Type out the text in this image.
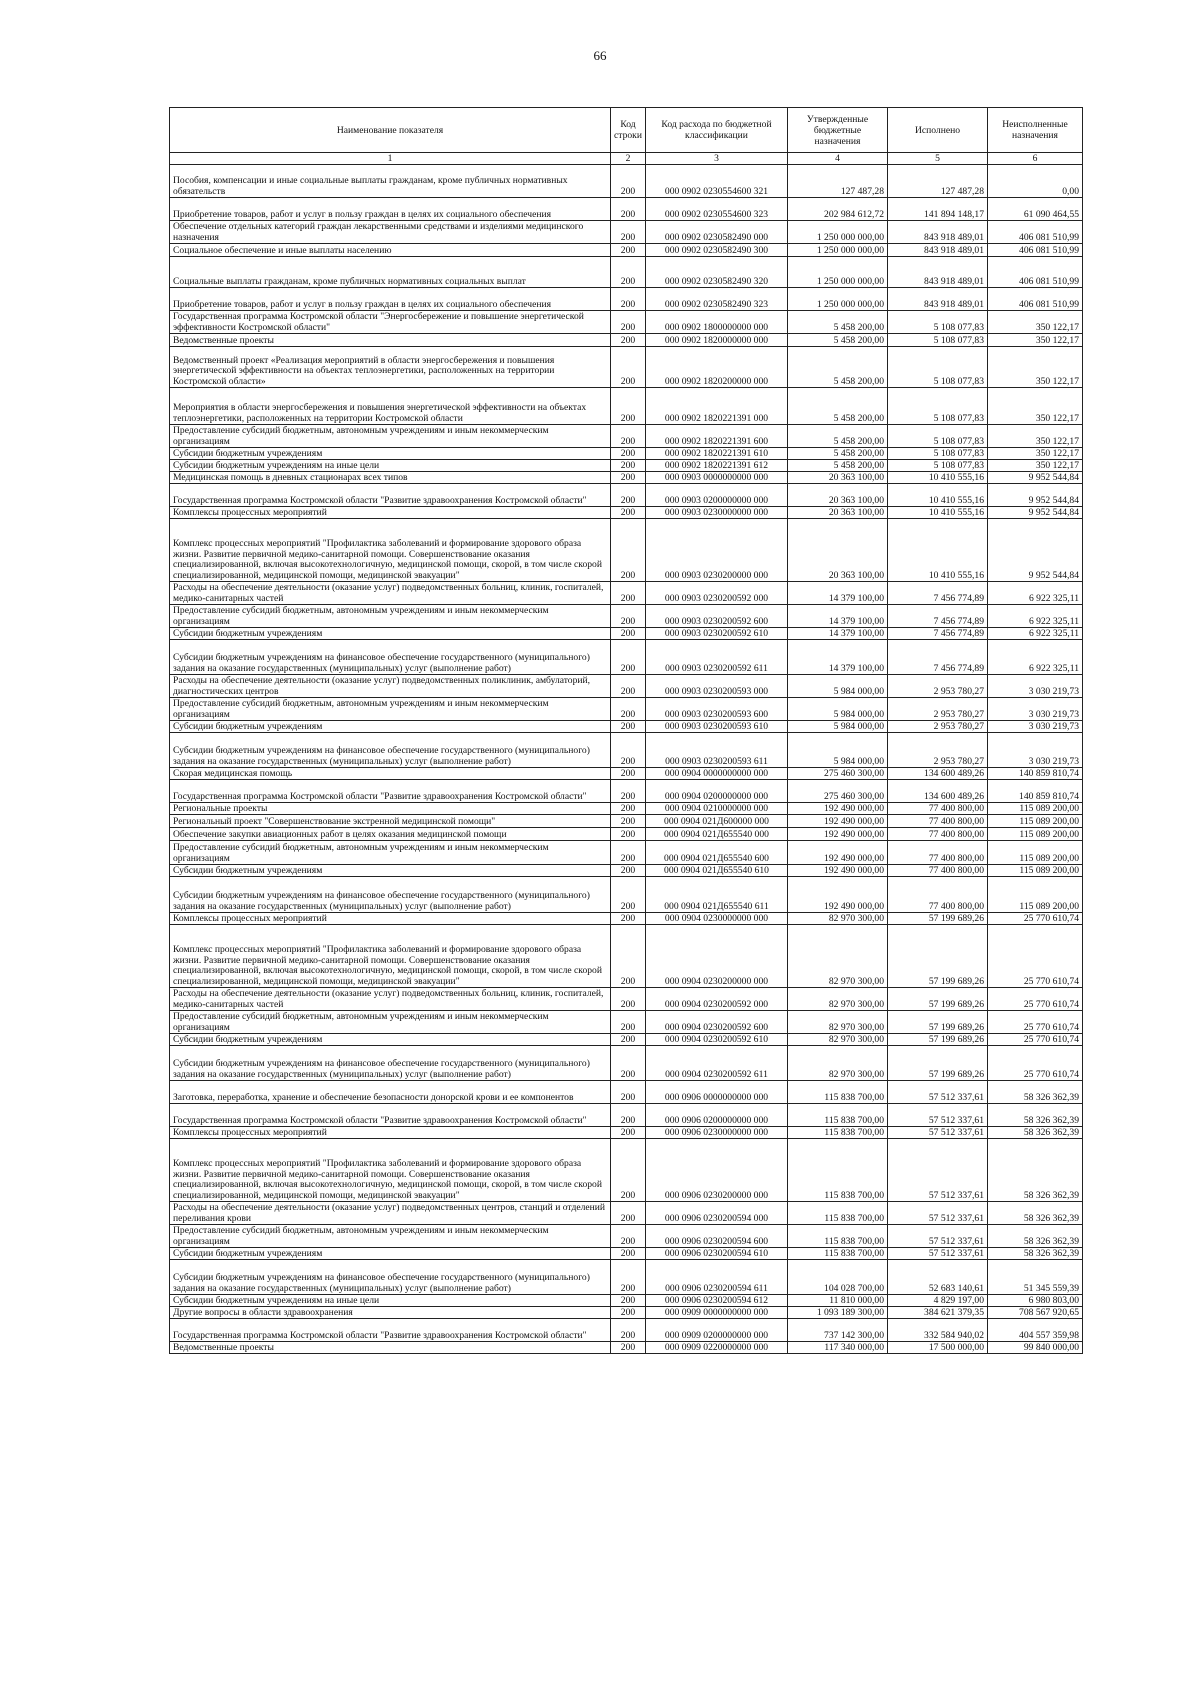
66
Наименование показателя	Код строки	Код расхода по бюджетной классификации	Утвержденные бюджетные назначения	Исполнено	Неисполненные назначения
1	2	3	4	5	6
Пособия, компенсации и иные социальные выплаты гражданам, кроме публичных нормативных обязательств	200	000 0902 0230554600 321	127 487,28	127 487,28	0,00
Приобретение товаров, работ и услуг в пользу граждан в целях их социального обеспечения	200	000 0902 0230554600 323	202 984 612,72	141 894 148,17	61 090 464,55
Обеспечение отдельных категорий граждан лекарственными средствами и изделиями медицинского назначения	200	000 0902 0230582490 000	1 250 000 000,00	843 918 489,01	406 081 510,99
Социальное обеспечение и иные выплаты населению	200	000 0902 0230582490 300	1 250 000 000,00	843 918 489,01	406 081 510,99
Социальные выплаты гражданам, кроме публичных нормативных социальных выплат	200	000 0902 0230582490 320	1 250 000 000,00	843 918 489,01	406 081 510,99
Приобретение товаров, работ и услуг в пользу граждан в целях их социального обеспечения	200	000 0902 0230582490 323	1 250 000 000,00	843 918 489,01	406 081 510,99
Государственная программа Костромской области "Энергосбережение и повышение энергетической эффективности Костромской области"	200	000 0902 1800000000 000	5 458 200,00	5 108 077,83	350 122,17
Ведомственные проекты	200	000 0902 1820000000 000	5 458 200,00	5 108 077,83	350 122,17
Ведомственный проект «Реализация мероприятий в области энергосбережения и повышения энергетической эффективности на объектах теплоэнергетики, расположенных на территории Костромской области»	200	000 0902 1820200000 000	5 458 200,00	5 108 077,83	350 122,17
Мероприятия в области энергосбережения и повышения энергетической эффективности на объектах теплоэнергетики, расположенных на территории Костромской области	200	000 0902 1820221391 000	5 458 200,00	5 108 077,83	350 122,17
Предоставление субсидий бюджетным, автономным учреждениям и иным некоммерческим организациям	200	000 0902 1820221391 600	5 458 200,00	5 108 077,83	350 122,17
Субсидии бюджетным учреждениям	200	000 0902 1820221391 610	5 458 200,00	5 108 077,83	350 122,17
Субсидии бюджетным учреждениям на иные цели	200	000 0902 1820221391 612	5 458 200,00	5 108 077,83	350 122,17
Медицинская помощь в дневных стационарах всех типов	200	000 0903 0000000000 000	20 363 100,00	10 410 555,16	9 952 544,84
Государственная программа Костромской области "Развитие здравоохранения Костромской области"	200	000 0903 0200000000 000	20 363 100,00	10 410 555,16	9 952 544,84
Комплексы процессных мероприятий	200	000 0903 0230000000 000	20 363 100,00	10 410 555,16	9 952 544,84
Комплекс процессных мероприятий "Профилактика заболеваний и формирование здорового образа жизни. Развитие первичной медико-санитарной помощи. Совершенствование оказания специализированной, включая высокотехнологичную, медицинской помощи, скорой, в том числе скорой специализированной, медицинской помощи, медицинской эвакуации"	200	000 0903 0230200000 000	20 363 100,00	10 410 555,16	9 952 544,84
Расходы на обеспечение деятельности (оказание услуг) подведомственных больниц, клиник, госпиталей, медико-санитарных частей	200	000 0903 0230200592 000	14 379 100,00	7 456 774,89	6 922 325,11
Предоставление субсидий бюджетным, автономным учреждениям и иным некоммерческим организациям	200	000 0903 0230200592 600	14 379 100,00	7 456 774,89	6 922 325,11
Субсидии бюджетным учреждениям	200	000 0903 0230200592 610	14 379 100,00	7 456 774,89	6 922 325,11
Субсидии бюджетным учреждениям на финансовое обеспечение государственного (муниципального) задания на оказание государственных (муниципальных) услуг (выполнение работ)	200	000 0903 0230200592 611	14 379 100,00	7 456 774,89	6 922 325,11
Расходы на обеспечение деятельности (оказание услуг) подведомственных поликлиник, амбулаторий, диагностических центров	200	000 0903 0230200593 000	5 984 000,00	2 953 780,27	3 030 219,73
Предоставление субсидий бюджетным, автономным учреждениям и иным некоммерческим организациям	200	000 0903 0230200593 600	5 984 000,00	2 953 780,27	3 030 219,73
Субсидии бюджетным учреждениям	200	000 0903 0230200593 610	5 984 000,00	2 953 780,27	3 030 219,73
Субсидии бюджетным учреждениям на финансовое обеспечение государственного (муниципального) задания на оказание государственных (муниципальных) услуг (выполнение работ)	200	000 0903 0230200593 611	5 984 000,00	2 953 780,27	3 030 219,73
Скорая медицинская помощь	200	000 0904 0000000000 000	275 460 300,00	134 600 489,26	140 859 810,74
Государственная программа Костромской области "Развитие здравоохранения Костромской области"	200	000 0904 0200000000 000	275 460 300,00	134 600 489,26	140 859 810,74
Региональные проекты	200	000 0904 0210000000 000	192 490 000,00	77 400 800,00	115 089 200,00
Региональный проект "Совершенствование экстренной медицинской помощи"	200	000 0904 021Д600000 000	192 490 000,00	77 400 800,00	115 089 200,00
Обеспечение закупки авиационных работ в целях оказания медицинской помощи	200	000 0904 021Д655540 000	192 490 000,00	77 400 800,00	115 089 200,00
Предоставление субсидий бюджетным, автономным учреждениям и иным некоммерческим организациям	200	000 0904 021Д655540 600	192 490 000,00	77 400 800,00	115 089 200,00
Субсидии бюджетным учреждениям	200	000 0904 021Д655540 610	192 490 000,00	77 400 800,00	115 089 200,00
Субсидии бюджетным учреждениям на финансовое обеспечение государственного (муниципального) задания на оказание государственных (муниципальных) услуг (выполнение работ)	200	000 0904 021Д655540 611	192 490 000,00	77 400 800,00	115 089 200,00
Комплексы процессных мероприятий	200	000 0904 0230000000 000	82 970 300,00	57 199 689,26	25 770 610,74
Комплекс процессных мероприятий "Профилактика заболеваний и формирование здорового образа жизни. Развитие первичной медико-санитарной помощи. Совершенствование оказания специализированной, включая высокотехнологичную, медицинской помощи, скорой, в том числе скорой специализированной, медицинской помощи, медицинской эвакуации"	200	000 0904 0230200000 000	82 970 300,00	57 199 689,26	25 770 610,74
Расходы на обеспечение деятельности (оказание услуг) подведомственных больниц, клиник, госпиталей, медико-санитарных частей	200	000 0904 0230200592 000	82 970 300,00	57 199 689,26	25 770 610,74
Предоставление субсидий бюджетным, автономным учреждениям и иным некоммерческим организациям	200	000 0904 0230200592 600	82 970 300,00	57 199 689,26	25 770 610,74
Субсидии бюджетным учреждениям	200	000 0904 0230200592 610	82 970 300,00	57 199 689,26	25 770 610,74
Субсидии бюджетным учреждениям на финансовое обеспечение государственного (муниципального) задания на оказание государственных (муниципальных) услуг (выполнение работ)	200	000 0904 0230200592 611	82 970 300,00	57 199 689,26	25 770 610,74
Заготовка, переработка, хранение и обеспечение безопасности донорской крови и ее компонентов	200	000 0906 0000000000 000	115 838 700,00	57 512 337,61	58 326 362,39
Государственная программа Костромской области "Развитие здравоохранения Костромской области"	200	000 0906 0200000000 000	115 838 700,00	57 512 337,61	58 326 362,39
Комплексы процессных мероприятий	200	000 0906 0230000000 000	115 838 700,00	57 512 337,61	58 326 362,39
Комплекс процессных мероприятий "Профилактика заболеваний и формирование здорового образа жизни. Развитие первичной медико-санитарной помощи. Совершенствование оказания специализированной, включая высокотехнологичную, медицинской помощи, скорой, в том числе скорой специализированной, медицинской помощи, медицинской эвакуации"	200	000 0906 0230200000 000	115 838 700,00	57 512 337,61	58 326 362,39
Расходы на обеспечение деятельности (оказание услуг) подведомственных центров, станций и отделений переливания крови	200	000 0906 0230200594 000	115 838 700,00	57 512 337,61	58 326 362,39
Предоставление субсидий бюджетным, автономным учреждениям и иным некоммерческим организациям	200	000 0906 0230200594 600	115 838 700,00	57 512 337,61	58 326 362,39
Субсидии бюджетным учреждениям	200	000 0906 0230200594 610	115 838 700,00	57 512 337,61	58 326 362,39
Субсидии бюджетным учреждениям на финансовое обеспечение государственного (муниципального) задания на оказание государственных (муниципальных) услуг (выполнение работ)	200	000 0906 0230200594 611	104 028 700,00	52 683 140,61	51 345 559,39
Субсидии бюджетным учреждениям на иные цели	200	000 0906 0230200594 612	11 810 000,00	4 829 197,00	6 980 803,00
Другие вопросы в области здравоохранения	200	000 0909 0000000000 000	1 093 189 300,00	384 621 379,35	708 567 920,65
Государственная программа Костромской области "Развитие здравоохранения Костромской области"	200	000 0909 0200000000 000	737 142 300,00	332 584 940,02	404 557 359,98
Ведомственные проекты	200	000 0909 0220000000 000	117 340 000,00	17 500 000,00	99 840 000,00
